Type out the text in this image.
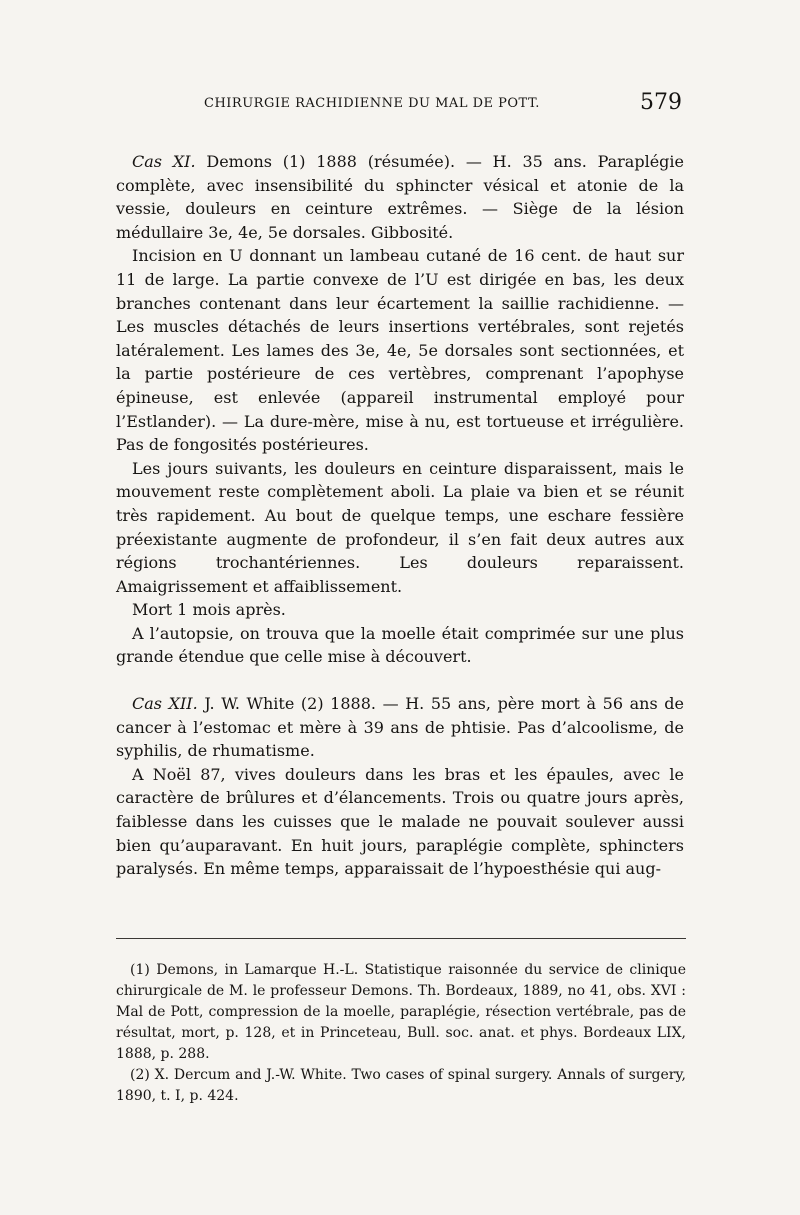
CHIRURGIE RACHIDIENNE DU MAL DE POTT.	579

Cas XI. Demons (1) 1888 (résumée). — H. 35 ans. Paraplégie complète, avec insensibilité du sphincter vésical et atonie de la vessie, douleurs en ceinture extrêmes. — Siège de la lésion médullaire 3e, 4e, 5e dorsales. Gibbosité.

Incision en U donnant un lambeau cutané de 16 cent. de haut sur 11 de large. La partie convexe de l’U est dirigée en bas, les deux branches contenant dans leur écartement la saillie rachidienne. — Les muscles détachés de leurs insertions vertébrales, sont rejetés latéralement. Les lames des 3e, 4e, 5e dorsales sont sectionnées, et la partie postérieure de ces vertèbres, comprenant l’apophyse épineuse, est enlevée (appareil instrumental employé pour l’Estlander). — La dure-mère, mise à nu, est tortueuse et irrégulière. Pas de fongosités postérieures.

Les jours suivants, les douleurs en ceinture disparaissent, mais le mouvement reste complètement aboli. La plaie va bien et se réunit très rapidement. Au bout de quelque temps, une eschare fessière préexistante augmente de profondeur, il s’en fait deux autres aux régions trochantériennes. Les douleurs reparaissent. Amaigrissement et affaiblissement.

Mort 1 mois après.

A l’autopsie, on trouva que la moelle était comprimée sur une plus grande étendue que celle mise à découvert.

Cas XII. J. W. White (2) 1888. — H. 55 ans, père mort à 56 ans de cancer à l’estomac et mère à 39 ans de phtisie. Pas d’alcoolisme, de syphilis, de rhumatisme.

A Noël 87, vives douleurs dans les bras et les épaules, avec le caractère de brûlures et d’élancements. Trois ou quatre jours après, faiblesse dans les cuisses que le malade ne pouvait soulever aussi bien qu’auparavant. En huit jours, paraplégie complète, sphincters paralysés. En même temps, apparaissait de l’hypoesthésie qui aug-

(1) Demons, in Lamarque H.-L. Statistique raisonnée du service de clinique chirurgicale de M. le professeur Demons. Th. Bordeaux, 1889, no 41, obs. XVI : Mal de Pott, compression de la moelle, paraplégie, résection vertébrale, pas de résultat, mort, p. 128, et in Princeteau, Bull. soc. anat. et phys. Bordeaux LIX, 1888, p. 288.

(2) X. Dercum and J.-W. White. Two cases of spinal surgery. Annals of surgery, 1890, t. I, p. 424.
